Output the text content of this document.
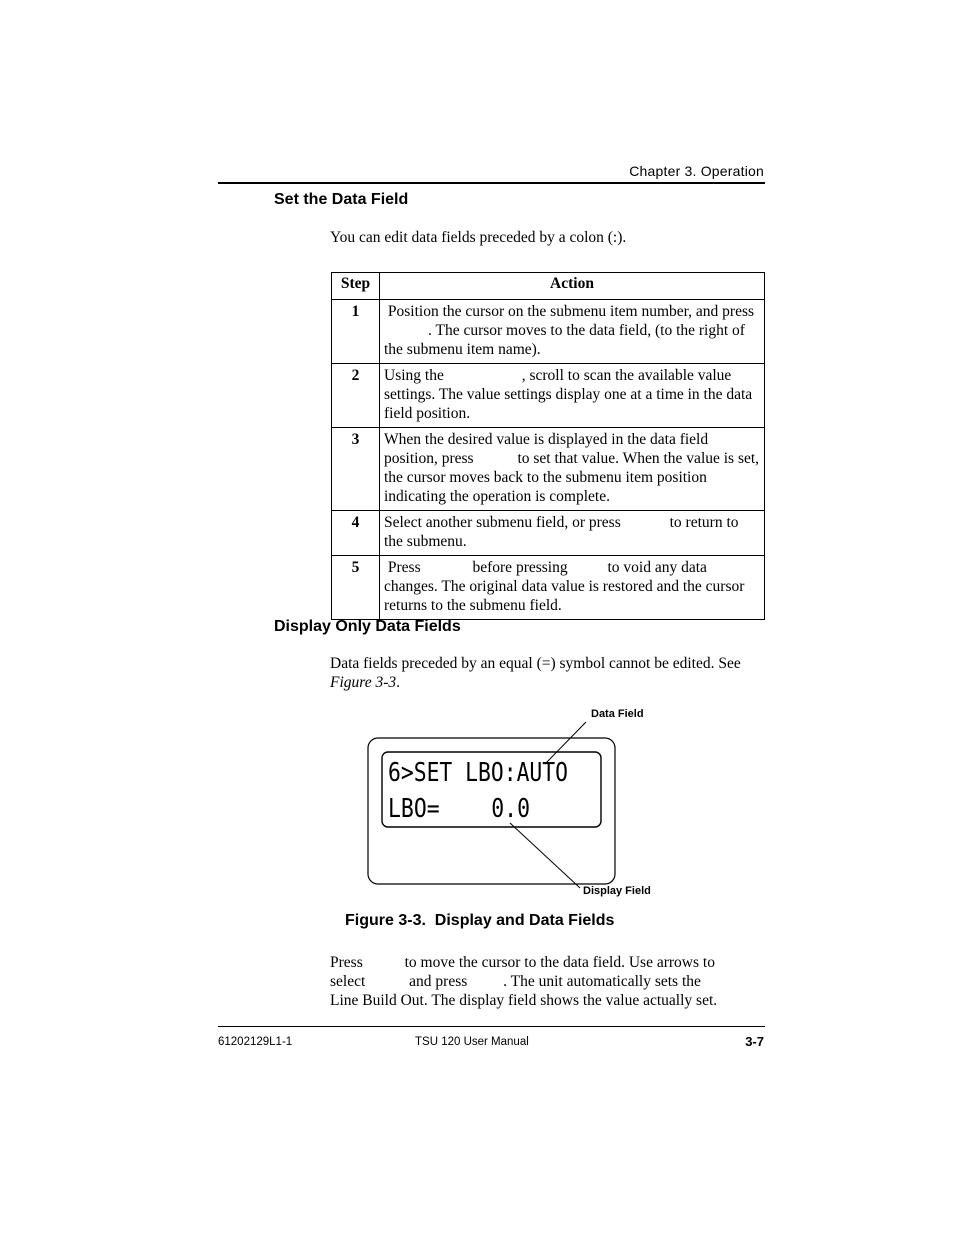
Chapter 3. Operation
Set the Data Field
You can edit data fields preceded by a colon (:).
Step	Action
1	Position the cursor on the submenu item number, and press . The cursor moves to the data field, (to the right of the submenu item name).
2	Using the , scroll to scan the available value settings. The value settings display one at a time in the data field position.
3	When the desired value is displayed in the data field position, press to set that value. When the value is set, the cursor moves back to the submenu item position indicating the operation is complete.
4	Select another submenu field, or press to return to the submenu.
5	Press before pressing to void any data changes. The original data value is restored and the cursor returns to the submenu field.
Display Only Data Fields
Data fields preceded by an equal (=) symbol cannot be edited. See Figure 3-3.
6>SET LBO:AUTO
LBO=    0.0
Data Field
Display Field
Figure 3-3.  Display and Data Fields
Press	to move the cursor to the data field. Use arrows to
select	and press . The unit automatically sets the
Line Build Out. The display field shows the value actually set.
61202129L1-1	TSU 120 User Manual	3-7
